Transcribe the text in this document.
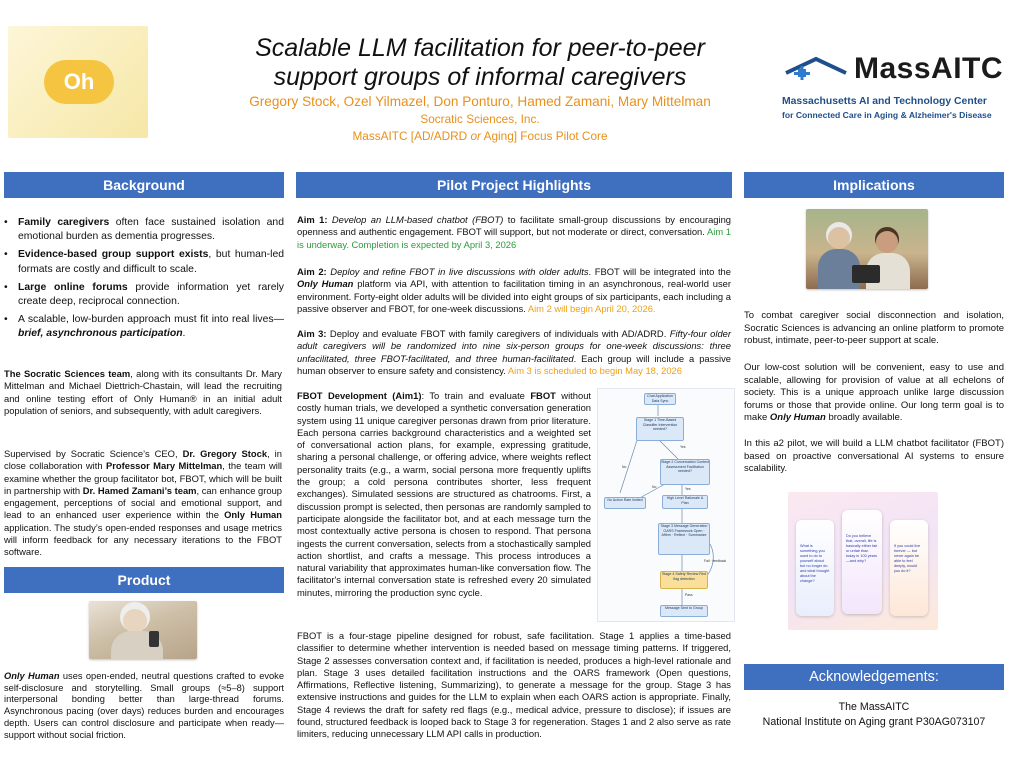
Oh
Scalable LLM facilitation for peer-to-peer
support groups of informal caregivers
Gregory Stock, Ozel Yilmazel, Don Ponturo, Hamed Zamani, Mary Mittelman
Socratic Sciences, Inc.
MassAITC [AD/ADRD or Aging] Focus Pilot Core
MassAITC
Massachusetts AI and Technology Center
for Connected Care in Aging & Alzheimer's Disease
Background
• Family caregivers often face sustained isolation and emotional burden as dementia progresses.
• Evidence-based group support exists, but human-led formats are costly and difficult to scale.
• Large online forums provide information yet rarely create deep, reciprocal connection.
• A scalable, low-burden approach must fit into real lives—brief, asynchronous participation.
The Socratic Sciences team, along with its consultants Dr. Mary Mittelman and Michael Diettrich-Chastain, will lead the recruiting and online testing effort of Only Human® in an initial adult population of seniors, and subsequently, with adult caregivers.
Supervised by Socratic Science’s CEO, Dr. Gregory Stock, in close collaboration with Professor Mary Mittelman, the team will examine whether the group facilitator bot, FBOT, which will be built in partnership with Dr. Hamed Zamani’s team, can enhance group engagement, perceptions of social and emotional support, and lead to an enhanced user experience within the Only Human application. The study’s open-ended responses and usage metrics will inform feedback for any necessary iterations to the FBOT software.
Product
Only Human uses open-ended, neutral questions crafted to evoke self-disclosure and storytelling. Small groups (≈5–8) support interpersonal bonding better than large-thread forums. Asynchronous pacing (over days) reduces burden and encourages depth. Users can control disclosure and participate when ready—support without social friction.
Pilot Project Highlights
Aim 1: Develop an LLM-based chatbot (FBOT) to facilitate small-group discussions by encouraging openness and authentic engagement. FBOT will support, but not moderate or direct, conversation. Aim 1 is underway. Completion is expected by April 3, 2026
Aim 2: Deploy and refine FBOT in live discussions with older adults. FBOT will be integrated into the Only Human platform via API, with attention to facilitation timing in an asynchronous, real-world user environment. Forty-eight older adults will be divided into eight groups of six participants, each including a passive observer and FBOT, for one-week discussions. Aim 2 will begin April 20, 2026.
Aim 3: Deploy and evaluate FBOT with family caregivers of individuals with AD/ADRD. Fifty-four older adult caregivers will be randomized into nine six-person groups for one-week discussions: three unfacilitated, three FBOT-facilitated, and three human-facilitated. Each group will include a passive human observer to ensure safety and consistency. Aim 3 is scheduled to begin May 18, 2026
FBOT Development (Aim1): To train and evaluate FBOT without costly human trials, we developed a synthetic conversation generation system using 11 unique caregiver personas drawn from prior literature. Each persona carries background characteristics and a weighted set of conversational action plans, for example, expressing gratitude, sharing a personal challenge, or offering advice, where weights reflect personality traits (e.g., a warm, social persona more frequently uplifts the group; a cold persona contributes shorter, less frequent exchanges). Simulated sessions are structured as chatrooms. First, a discussion prompt is selected, then personas are randomly sampled to participate alongside the facilitator bot, and at each message turn the most contextually active persona is chosen to respond. That persona ingests the current conversation, selects from a stochastically sampled action shortlist, and crafts a message. This process introduces a natural variability that approximates human-like conversation flow. The facilitator's internal conversation state is refreshed every 20 simulated minutes, mirroring the production sync cycle.
Chat Application Data Sync
Stage 1 Time-Based Classifier Intervention needed?
Yes
No
Stage 2 Conversation Context Assessment Facilitation needed?
Yes
No
No Action Rate limited	High Level Rationale & Plan
Stage 3 Message Generation OARS Framework Open · Affirm · Reflect · Summarize
Fail · feedback
Stage 4 Safety Review Red flag detection
Pass
Message Sent to Group
FBOT is a four-stage pipeline designed for robust, safe facilitation. Stage 1 applies a time-based classifier to determine whether intervention is needed based on message timing patterns. If triggered, Stage 2 assesses conversation context and, if facilitation is needed, produces a high-level rationale and plan. Stage 3 uses detailed facilitation instructions and the OARS framework (Open questions, Affirmations, Reflective listening, Summarizing), to generate a message for the group. Stage 3 has extensive instructions and guides for the LLM to explain when each OARS action is appropriate. Finally, Stage 4 reviews the draft for safety red flags (e.g., medical advice, pressure to disclose); if issues are found, structured feedback is looped back to Stage 3 for regeneration. Stages 1 and 2 also serve as rate limiters, reducing unnecessary LLM API calls in production.
Implications
To combat caregiver social disconnection and isolation, Socratic Sciences is advancing an online platform to promote robust, intimate, peer-to-peer support at scale.
Our low-cost solution will be convenient, easy to use and scalable, allowing for provision of value at all echelons of society. This is a unique approach unlike large discussion forums or those that provide online. Our long term goal is to make Only Human broadly available.
In this a2 pilot, we will build a LLM chatbot facilitator (FBOT) based on proactive conversational AI systems to ensure scalability.
What is something you used to do to yourself about but no longer do and what brought about the change?
Do you believe that, overall, life is basically either fair or unfair than today in 100 years—and why?
If you could live forever — but never again be able to feel deeply, would you do it?
Acknowledgements:
The MassAITC
National Institute on Aging grant P30AG073107
